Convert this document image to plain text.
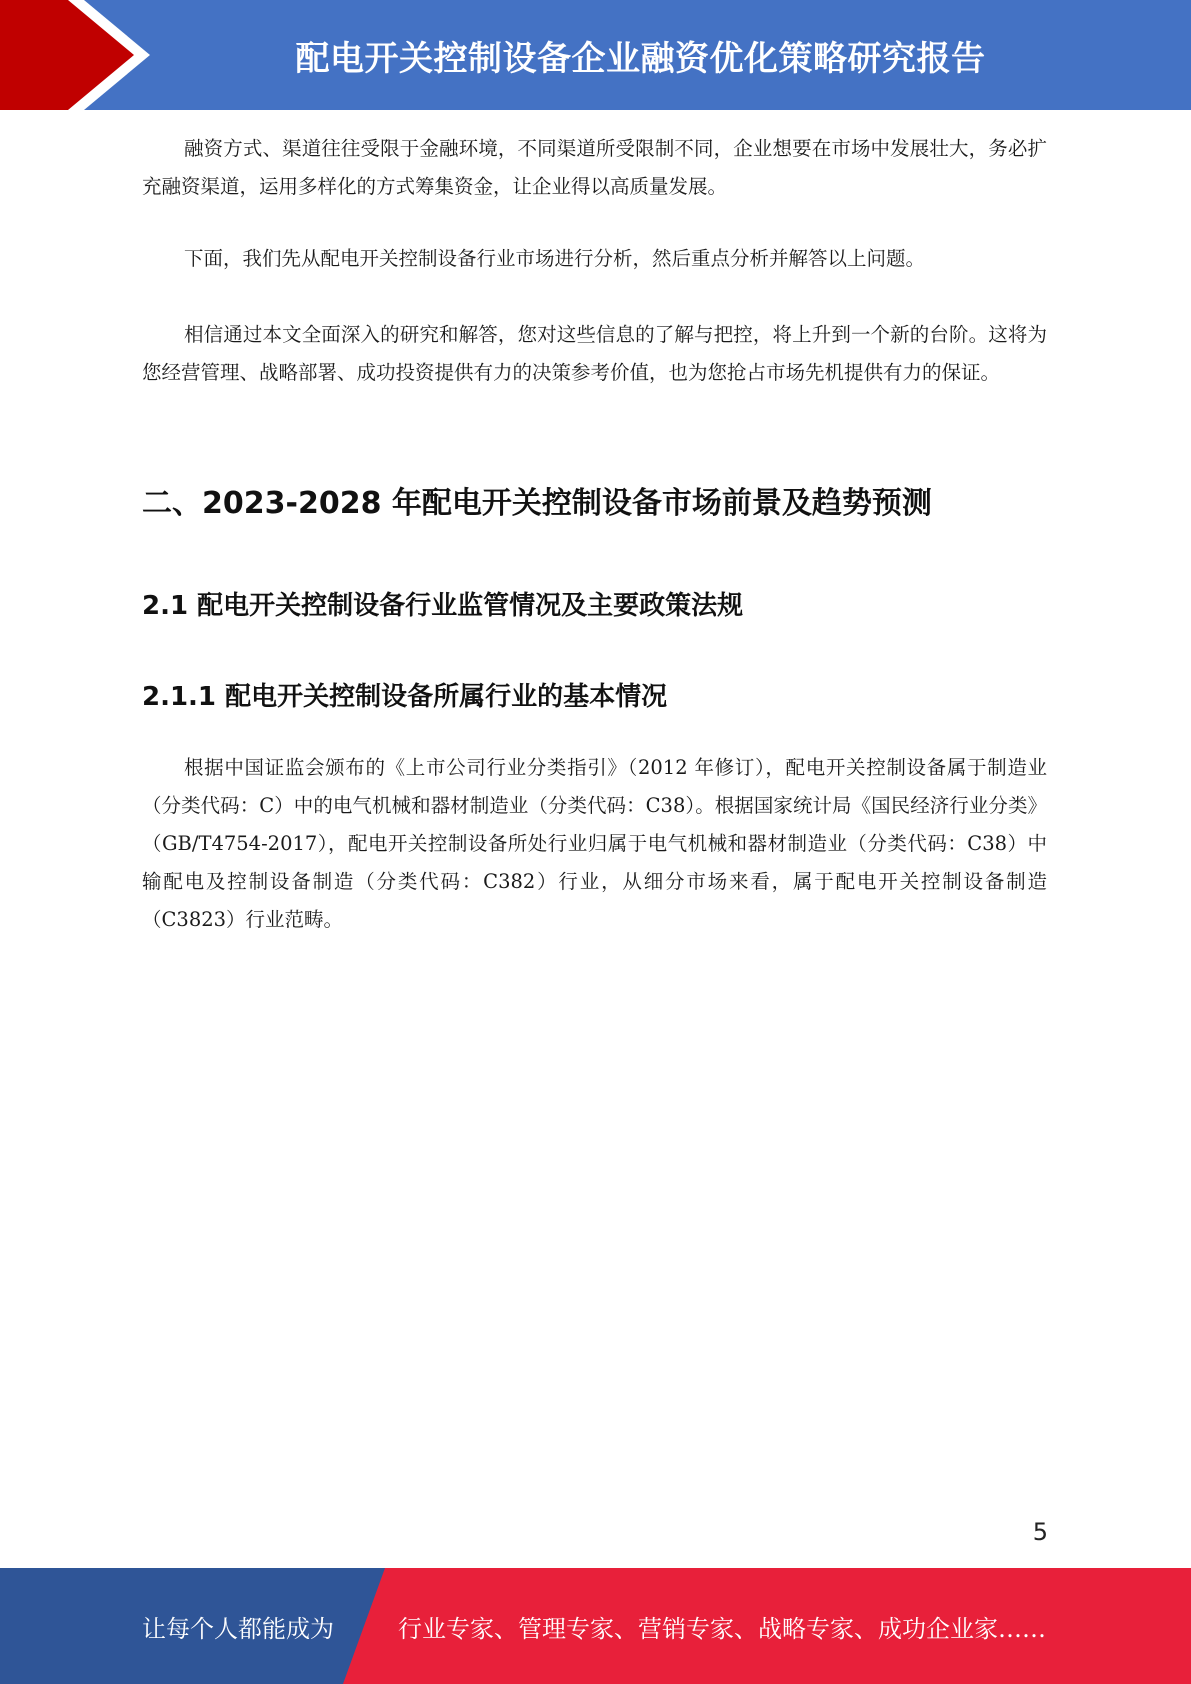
配电开关控制设备企业融资优化策略研究报告

融资方式、渠道往往受限于金融环境，不同渠道所受限制不同，企业想要在市场中发展壮大，务必扩充融资渠道，运用多样化的方式筹集资金，让企业得以高质量发展。

下面，我们先从配电开关控制设备行业市场进行分析，然后重点分析并解答以上问题。

相信通过本文全面深入的研究和解答，您对这些信息的了解与把控，将上升到一个新的台阶。这将为您经营管理、战略部署、成功投资提供有力的决策参考价值，也为您抢占市场先机提供有力的保证。

二、2023-2028 年配电开关控制设备市场前景及趋势预测
2.1 配电开关控制设备行业监管情况及主要政策法规
2.1.1 配电开关控制设备所属行业的基本情况

根据中国证监会颁布的《上市公司行业分类指引》（2012 年修订），配电开关控制设备属于制造业（分类代码：C）中的电气机械和器材制造业（分类代码：C38）。根据国家统计局《国民经济行业分类》（GB/T4754-2017），配电开关控制设备所处行业归属于电气机械和器材制造业（分类代码：C38）中输配电及控制设备制造（分类代码：C382）行业，从细分市场来看，属于配电开关控制设备制造（C3823）行业范畴。

5
让每个人都能成为	行业专家、管理专家、营销专家、战略专家、成功企业家……
